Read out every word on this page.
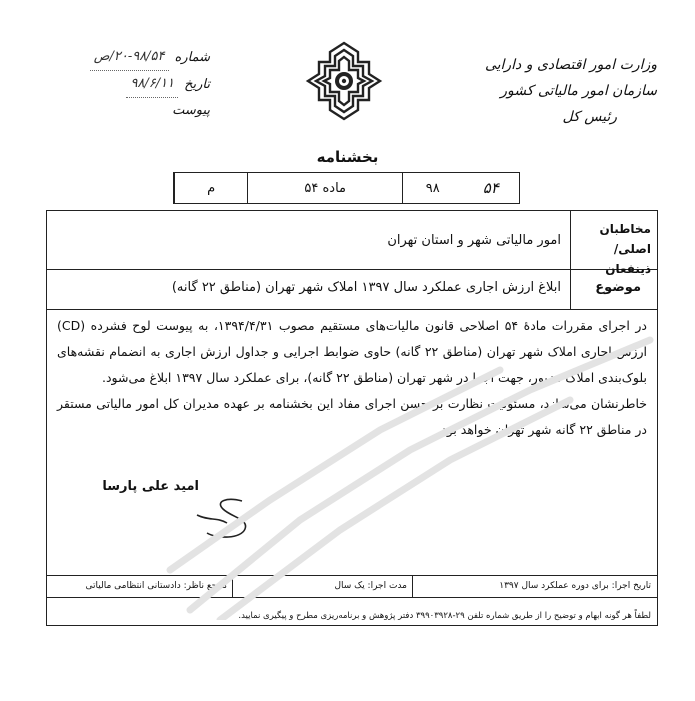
وزارت امور اقتصادی و دارایی
سازمان امور مالیاتی کشور
رئیس کل
شماره
۲۰-۹۸/۵۴/ص
تاریخ
۹۸/۶/۱۱
پیوست
بخشنامه
۵۴
۹۸
ماده ۵۴
م
مخاطبان اصلی/
ذینفعان
امور مالیاتی شهر و استان تهران
موضوع
ابلاغ ارزش اجاری عملکرد سال ۱۳۹۷ املاک شهر تهران (مناطق ۲۲ گانه)

در اجرای مقررات مادهٔ ۵۴ اصلاحی قانون مالیات‌های مستقیم مصوب ۱۳۹۴/۴/۳۱، به پیوست لوح فشرده (CD) ارزش اجاری املاک شهر تهران (مناطق ۲۲ گانه) حاوی ضوابط اجرایی و جداول ارزش اجاری به انضمام نقشه‌های بلوک‌بندی املاک مزبور، جهت اجرا در شهر تهران (مناطق ۲۲ گانه)، برای عملکرد سال ۱۳۹۷ ابلاغ می‌شود.

خاطرنشان می‌سازد، مسئولیت نظارت بر حسن اجرای مفاد این بخشنامه بر عهده مدیران کل امور مالیاتی مستقر در مناطق ۲۲ گانه شهر تهران خواهد بود.

امید علی پارسا
تاریخ اجرا: برای دوره عملکرد سال ۱۳۹۷
مدت اجرا: یک سال
مرجع ناظر: دادستانی انتظامی مالیاتی
لطفاً هر گونه ابهام و توضیح را از طریق شماره تلفن ۲۹-۳۹۹۰۳۹۲۸ دفتر پژوهش و برنامه‌ریزی مطرح و پیگیری نمایید.
